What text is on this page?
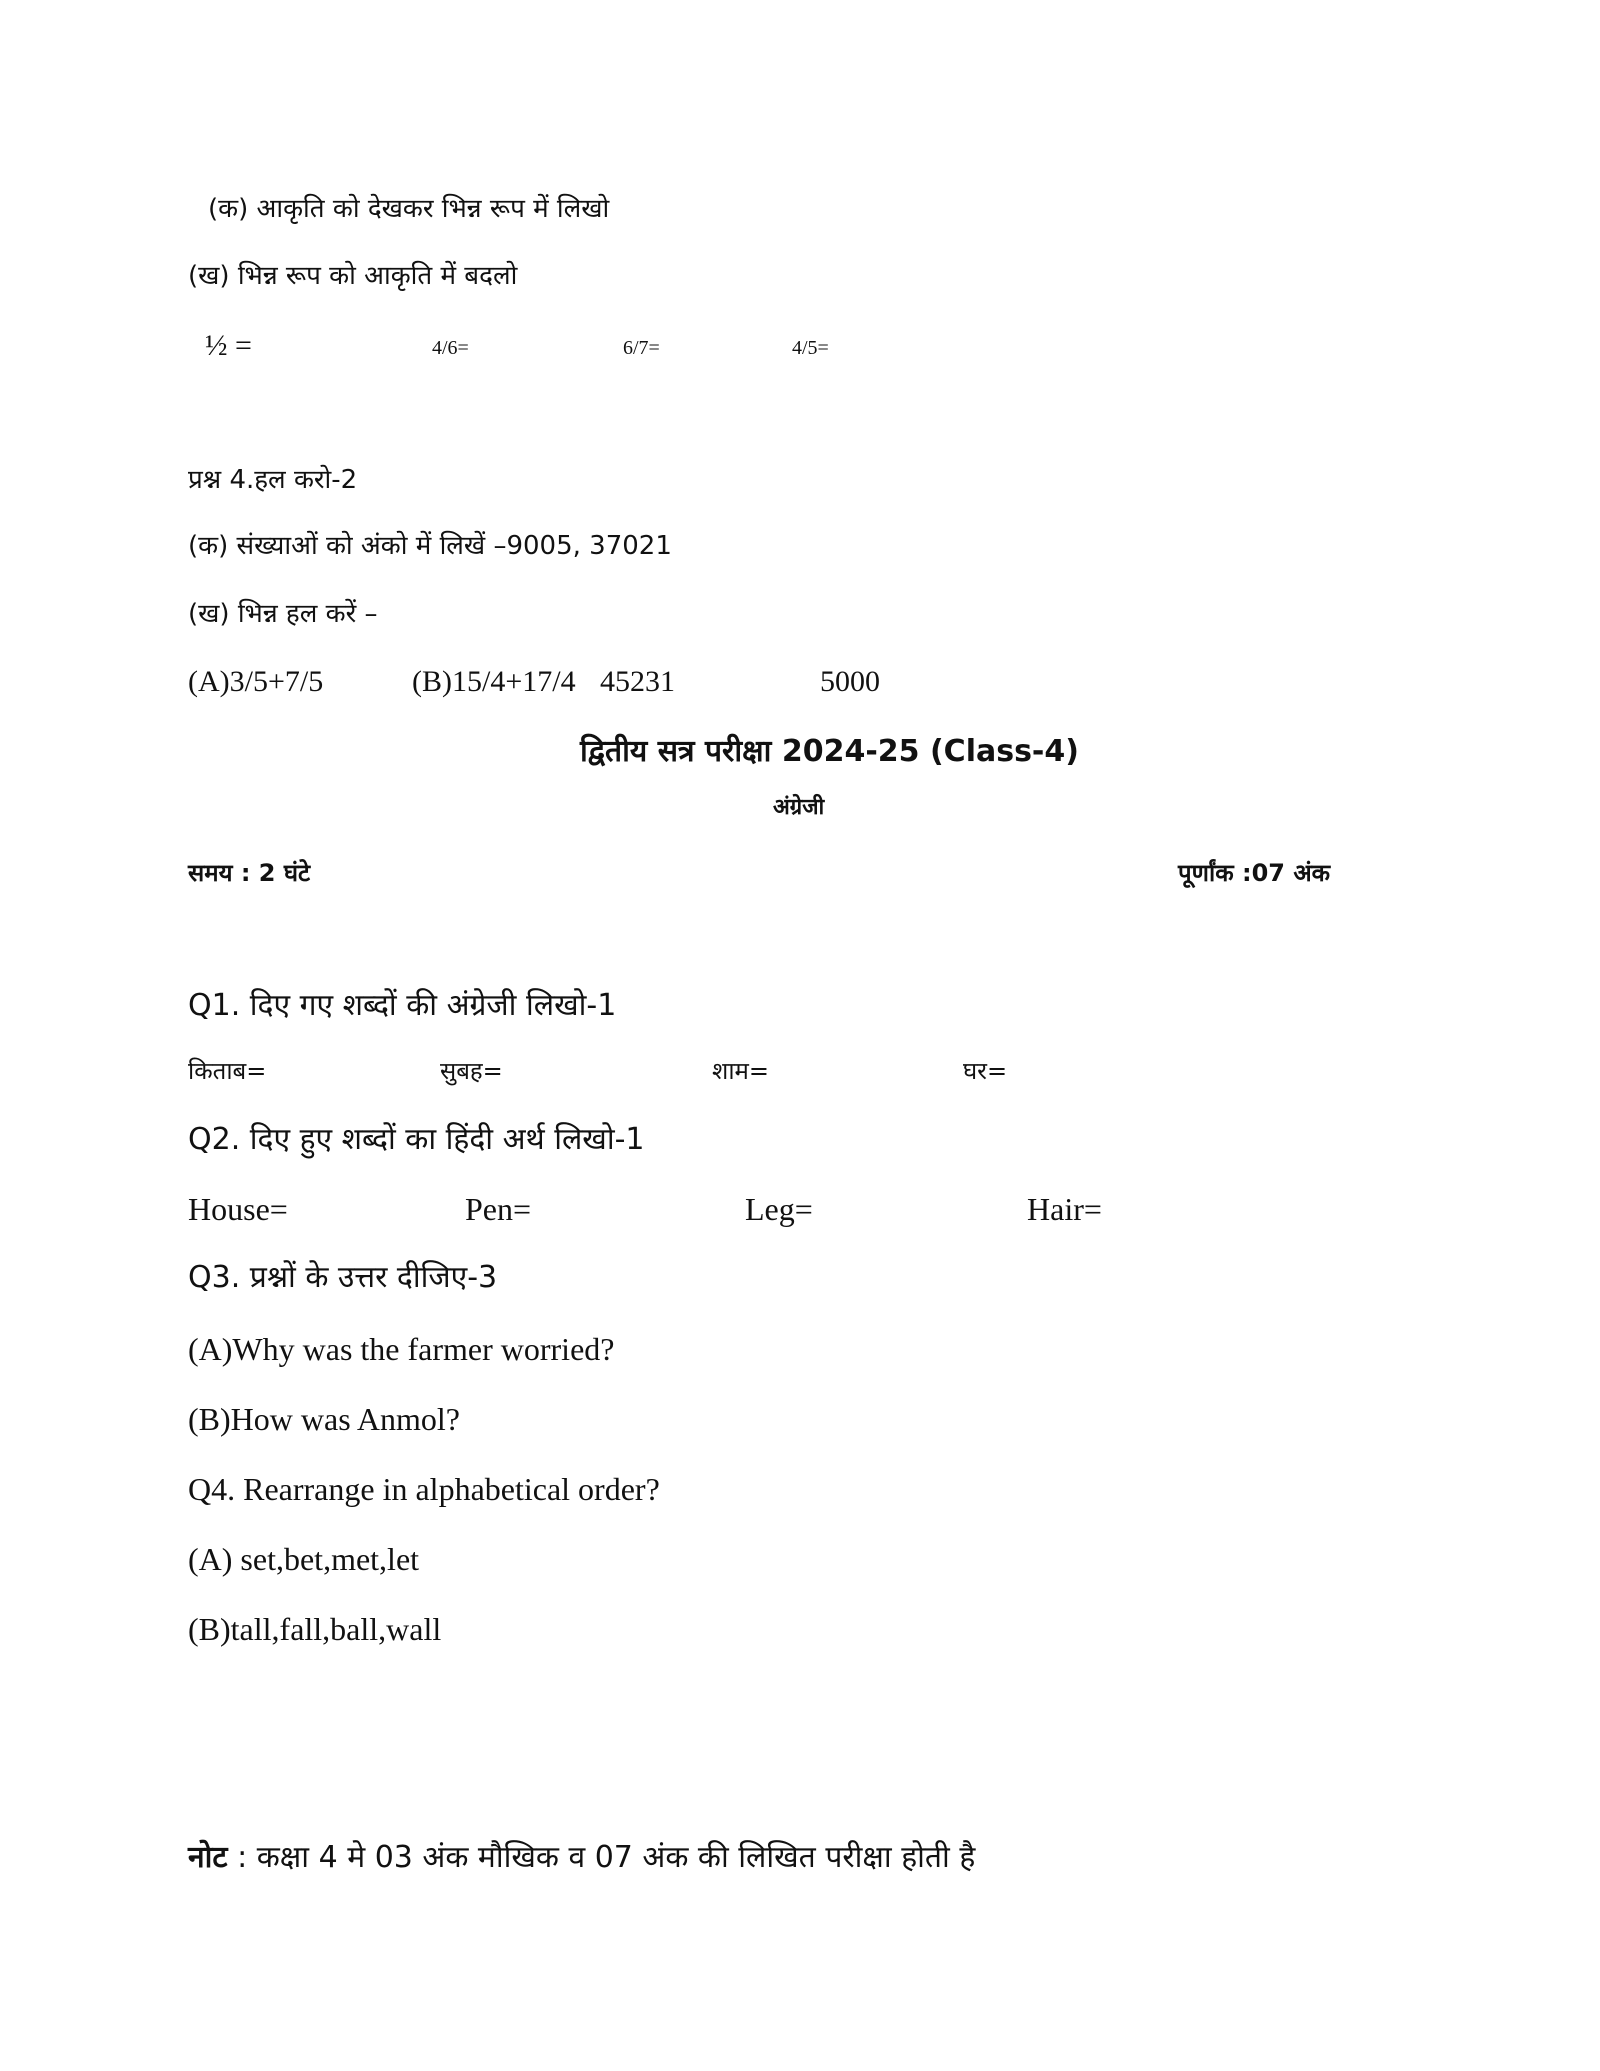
(क) आकृति को देखकर भिन्न रूप में लिखो
(ख) भिन्न रूप को आकृति में बदलो
½ =	4/6=	6/7=	4/5=
प्रश्न 4.हल करो-2
(क) संख्याओं को अंको में लिखें –9005, 37021
(ख) भिन्न हल करें –
(A)3/5+7/5	(B)15/4+17/4 45231	5000
द्वितीय सत्र परीक्षा 2024-25 (Class-4)
अंग्रेजी
समय : 2 घंटे	पूर्णांक :07 अंक
Q1. दिए गए शब्दों की अंग्रेजी लिखो-1
किताब=	सुबह=	शाम=	घर=
Q2. दिए हुए शब्दों का हिंदी अर्थ लिखो-1
House=	Pen=	Leg=	Hair=
Q3. प्रश्नों के उत्तर दीजिए-3
(A)Why was the farmer worried?
(B)How was Anmol?
Q4. Rearrange in alphabetical order?
(A) set,bet,met,let
(B)tall,fall,ball,wall
नोट : कक्षा 4 मे 03 अंक मौखिक व 07 अंक की लिखित परीक्षा होती है
